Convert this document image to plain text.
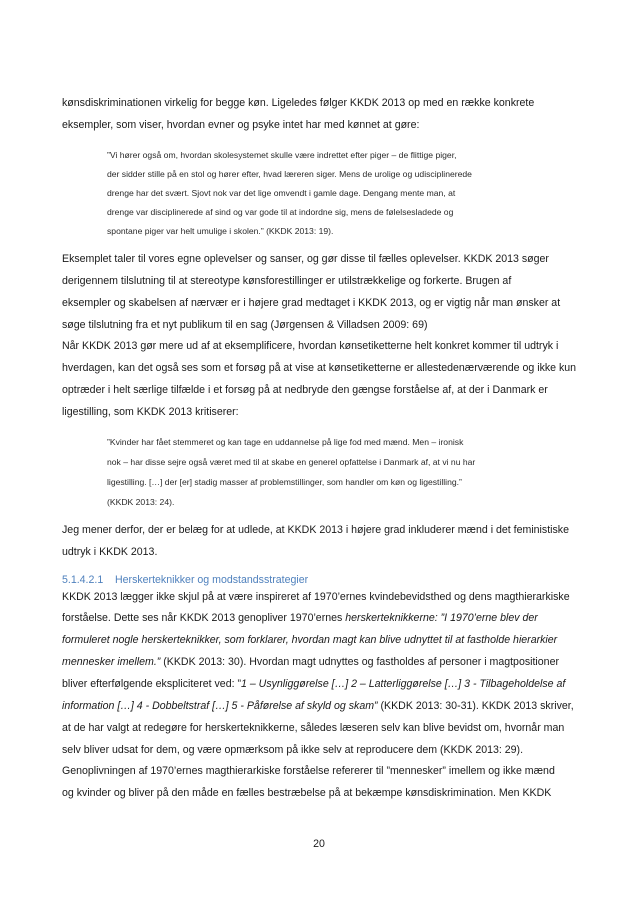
kønsdiskriminationen virkelig for begge køn. Ligeledes følger KKDK 2013 op med en række konkrete
eksempler, som viser, hvordan evner og psyke intet har med kønnet at gøre:
”Vi hører også om, hvordan skolesystemet skulle være indrettet efter piger – de flittige piger,
der sidder stille på en stol og hører efter, hvad læreren siger. Mens de urolige og udisciplinerede
drenge har det svært. Sjovt nok var det lige omvendt i gamle dage. Dengang mente man, at
drenge var disciplinerede af sind og var gode til at indordne sig, mens de følelsesladede og
spontane piger var helt umulige i skolen.” (KKDK 2013: 19).
Eksemplet taler til vores egne oplevelser og sanser, og gør disse til fælles oplevelser. KKDK 2013 søger
derigennem tilslutning til at stereotype kønsforestillinger er utilstrækkelige og forkerte. Brugen af
eksempler og skabelsen af nærvær er i højere grad medtaget i KKDK 2013, og er vigtig når man ønsker at
søge tilslutning fra et nyt publikum til en sag (Jørgensen & Villadsen 2009: 69)
Når KKDK 2013 gør mere ud af at eksemplificere, hvordan kønsetiketterne helt konkret kommer til udtryk i
hverdagen, kan det også ses som et forsøg på at vise at kønsetiketterne er allestedenærværende og ikke kun
optræder i helt særlige tilfælde i et forsøg på at nedbryde den gængse forståelse af, at der i Danmark er
ligestilling, som KKDK 2013 kritiserer:
”Kvinder har fået stemmeret og kan tage en uddannelse på lige fod med mænd. Men – ironisk
nok – har disse sejre også været med til at skabe en generel opfattelse i Danmark af, at vi nu har
ligestilling. […] der [er] stadig masser af problemstillinger, som handler om køn og ligestilling.”
(KKDK 2013: 24).
Jeg mener derfor, der er belæg for at udlede, at KKDK 2013 i højere grad inkluderer mænd i det feministiske
udtryk i KKDK 2013.
5.1.4.2.1 Herskerteknikker og modstandsstrategier
KKDK 2013 lægger ikke skjul på at være inspireret af 1970’ernes kvindebevidsthed og dens magthierarkiske
forståelse. Dette ses når KKDK 2013 genopliver 1970’ernes herskerteknikkerne: ”I 1970’erne blev der
formuleret nogle herskerteknikker, som forklarer, hvordan magt kan blive udnyttet til at fastholde hierarkier
mennesker imellem.” (KKDK 2013: 30). Hvordan magt udnyttes og fastholdes af personer i magtpositioner
bliver efterfølgende ekspliciteret ved: ”1 – Usynliggørelse […] 2 – Latterliggørelse […] 3 - Tilbageholdelse af
information […] 4 - Dobbeltstraf […] 5 - Påførelse af skyld og skam” (KKDK 2013: 30-31). KKDK 2013 skriver,
at de har valgt at redegøre for herskerteknikkerne, således læseren selv kan blive bevidst om, hvornår man
selv bliver udsat for dem, og være opmærksom på ikke selv at reproducere dem (KKDK 2013: 29).
Genoplivningen af 1970’ernes magthierarkiske forståelse refererer til ”mennesker” imellem og ikke mænd
og kvinder og bliver på den måde en fælles bestræbelse på at bekæmpe kønsdiskrimination. Men KKDK
20
